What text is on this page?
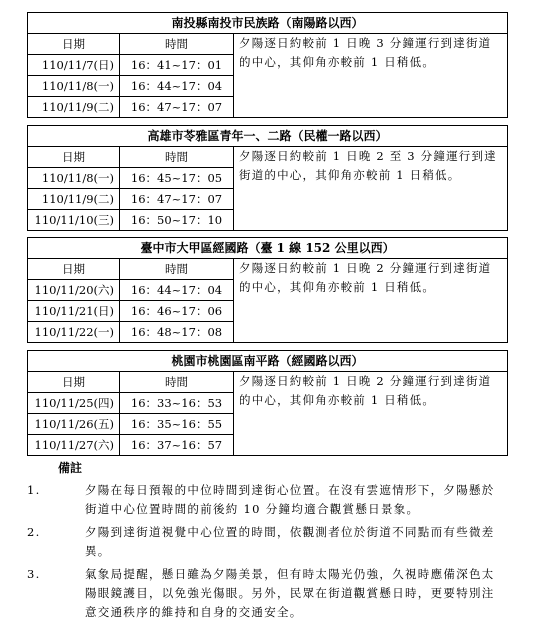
南投縣南投市民族路（南陽路以西）		
日期	時間	夕陽逐日約較前 1 日晚 3 分鐘運行到達街道的中心，其仰角亦較前 1 日稍低。
110/11/7(日)	16：41~17：01	
110/11/8(一)	16：44~17：04	
110/11/9(二)	16：47~17：07	
高雄市苓雅區青年一、二路（民權一路以西）		
日期	時間	夕陽逐日約較前 1 日晚 2 至 3 分鐘運行到達街道的中心，其仰角亦較前 1 日稍低。
110/11/8(一)	16：45~17：05	
110/11/9(二)	16：47~17：07	
110/11/10(三)	16：50~17：10	
臺中市大甲區經國路（臺 1 線 152 公里以西）		
日期	時間	夕陽逐日約較前 1 日晚 2 分鐘運行到達街道的中心，其仰角亦較前 1 日稍低。
110/11/20(六)	16：44~17：04	
110/11/21(日)	16：46~17：06	
110/11/22(一)	16：48~17：08	
桃園市桃園區南平路（經國路以西）		
日期	時間	夕陽逐日約較前 1 日晚 2 分鐘運行到達街道的中心，其仰角亦較前 1 日稍低。
110/11/25(四)	16：33~16：53	
110/11/26(五)	16：35~16：55	
110/11/27(六)	16：37~16：57	
備註
1.	夕陽在每日預報的中位時間到達街心位置。在沒有雲遮情形下，夕陽懸於街道中心位置時間的前後約 10 分鐘均適合觀賞懸日景象。
2.	夕陽到達街道視覺中心位置的時間，依觀測者位於街道不同點而有些微差異。
3.	氣象局提醒，懸日雖為夕陽美景，但有時太陽光仍強，久視時應備深色太陽眼鏡護目，以免強光傷眼。另外，民眾在街道觀賞懸日時，更要特別注意交通秩序的維持和自身的交通安全。
